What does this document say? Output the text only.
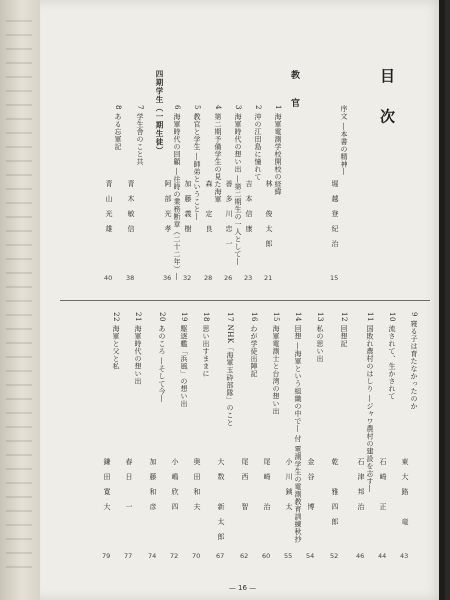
目 次
序文 ―本書の精神―
堀　越　登　紀　治
15
1 海軍電測学校開校の経緯
林　　　俊　太　郎
21
2 沖の江田島に憧れて
吉　本　信　康
23
3 海軍時代の想い出 ―第二期生の一人として―
善　多　川　忠　一
26
4 第二期予備学生の見た海軍
森　　　定　良
28
5 教官と学生 ―師弟ということ―
加　藤　義　樹
32
6 海軍時代の回顧 ―往時の業務断章（二十二年）―
阿　部　光　孝
36
7 学生舎のこと共
青　木　敏　信
38
8 ある忘軍記
青　山　光　雄
40
教　官
四期学生（一期生徒）
9 寝る子は育たなかったのか
東　大　路　　　竜
43
10 流されて、生かされて
石　崎　　　正
44
11 国敗れ農村のはしり ―ジャワ農村の建設を志す―
石　津　邦　治
46
12 回想記
乾　　　雅　四　郎
52
13 私の思い出
金　谷　　　博
54
14 回想 ―海軍という組織の中で― 付 電測学生の電測教育訓練秋抄
小　川　銕　太
55
15 海軍電測士と台湾の想い出
尾　崎　　　治
60
16 わが学徒出陣記
尾　西　　　智
62
17 NHK「海軍玉砕部隊」のこと
大　数　　　新　太　郎
67
18 思い出すままに
奥　田　和　夫
70
19 駆逐艦「浜風」の想い出
小　嶋　欣　四
72
20 あのころ ―そして今―
加　藤　和　彦
74
21 海軍時代の想い出
春　日　　　一
77
22 海軍と父と私
鎌　田　寛　大
79
— 16 —
